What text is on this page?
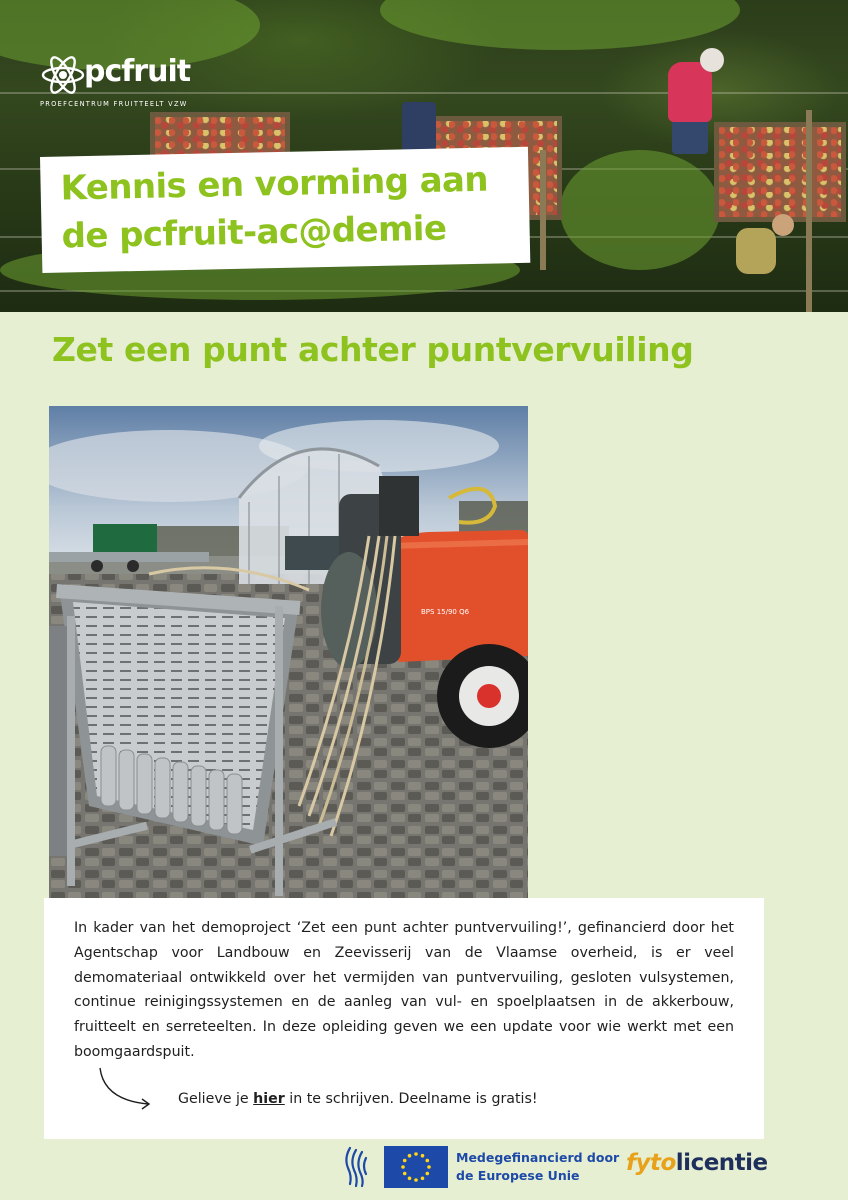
pcfruit
PROEFCENTRUM FRUITTEELT VZW
Kennis en vorming aan
de pcfruit-ac@demie
Zet een punt achter puntvervuiling
BPS 15/90 Q6

In kader van het demoproject ‘Zet een punt achter puntvervuiling!’, gefinancierd door het Agentschap voor Landbouw en Zeevisserij van de Vlaamse overheid, is er veel demomateriaal ontwikkeld over het vermijden van puntvervuiling, gesloten vulsystemen, continue reinigingssystemen en de aanleg van vul- en spoelplaatsen in de akkerbouw, fruitteelt en serreteelten. In deze opleiding geven we een update voor wie werkt met een boomgaardspuit.

Gelieve je hier in te schrijven. Deelname is gratis!
Medegefinancierd door
de Europese Unie	fytolicentie
